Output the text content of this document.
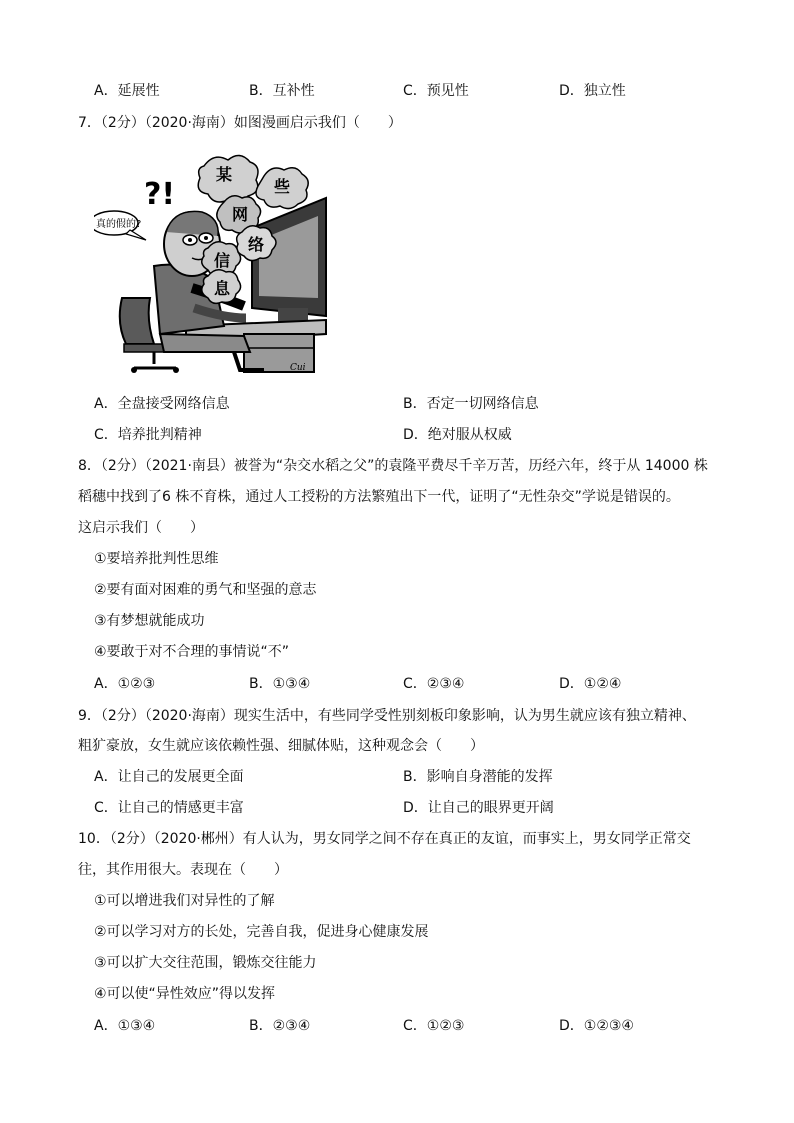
A．延展性	B．互补性	C．预见性	D．独立性
7．（2分）（2020·海南）如图漫画启示我们（　　）
真的假的?
?!
某
些
网
络
信
息
Cui
A．全盘接受网络信息	B．否定一切网络信息
C．培养批判精神	D．绝对服从权威
8．（2分）（2021·南县）被誉为“杂交水稻之父”的袁隆平费尽千辛万苦，历经六年，终于从 14000 株
稻穗中找到了6 株不育株，通过人工授粉的方法繁殖出下一代，证明了“无性杂交”学说是错误的。
这启示我们（　　）
①要培养批判性思维
②要有面对困难的勇气和坚强的意志
③有梦想就能成功
④要敢于对不合理的事情说“不”
A．①②③	B．①③④	C．②③④	D．①②④
9．（2分）（2020·海南）现实生活中，有些同学受性别刻板印象影响，认为男生就应该有独立精神、
粗犷豪放，女生就应该依赖性强、细腻体贴，这种观念会（　　）
A．让自己的发展更全面	B．影响自身潜能的发挥
C．让自己的情感更丰富	D．让自己的眼界更开阔
10．（2分）（2020·郴州）有人认为，男女同学之间不存在真正的友谊，而事实上，男女同学正常交
往，其作用很大。表现在（　　）
①可以增进我们对异性的了解
②可以学习对方的长处，完善自我，促进身心健康发展
③可以扩大交往范围，锻炼交往能力
④可以使“异性效应”得以发挥
A．①③④	B．②③④	C．①②③	D．①②③④
